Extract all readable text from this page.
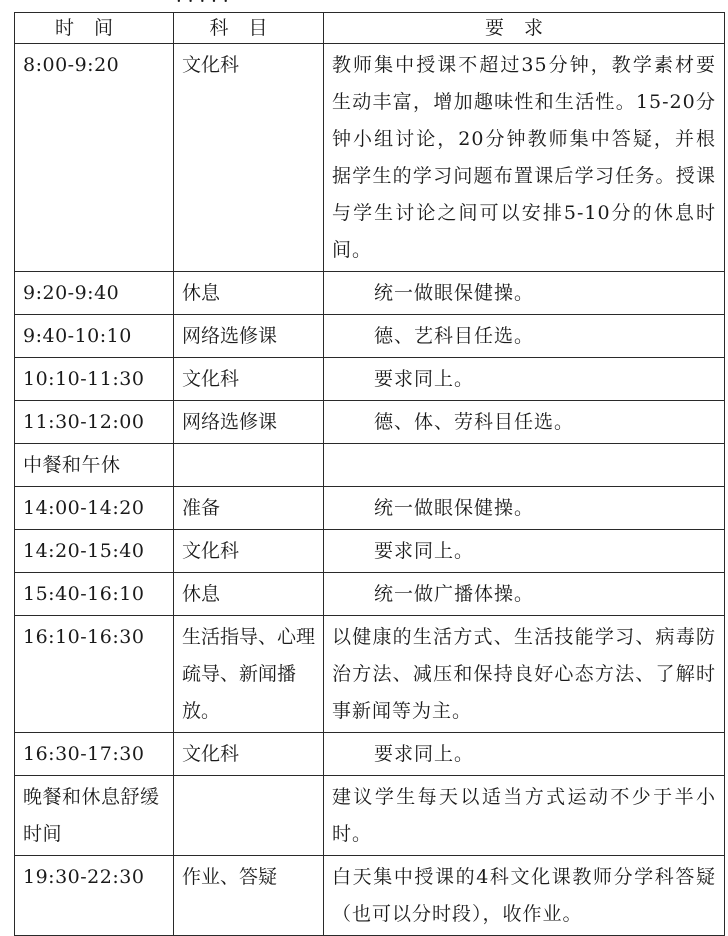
·····
时间	科目	要求
8:00-9:20	文化科	教师集中授课不超过35分钟，教学素材要生动丰富，增加趣味性和生活性。15-20分钟小组讨论，20分钟教师集中答疑，并根据学生的学习问题布置课后学习任务。授课与学生讨论之间可以安排5-10分的休息时间。
9:20-9:40	休息	统一做眼保健操。
9:40-10:10	网络选修课	德、艺科目任选。
10:10-11:30	文化科	要求同上。
11:30-12:00	网络选修课	德、体、劳科目任选。
中餐和午休		
14:00-14:20	准备	统一做眼保健操。
14:20-15:40	文化科	要求同上。
15:40-16:10	休息	统一做广播体操。
16:10-16:30	生活指导、心理疏导、新闻播放。	以健康的生活方式、生活技能学习、病毒防治方法、减压和保持良好心态方法、了解时事新闻等为主。
16:30-17:30	文化科	要求同上。
晚餐和休息舒缓时间		建议学生每天以适当方式运动不少于半小时。
19:30-22:30	作业、答疑	白天集中授课的4科文化课教师分学科答疑（也可以分时段），收作业。
